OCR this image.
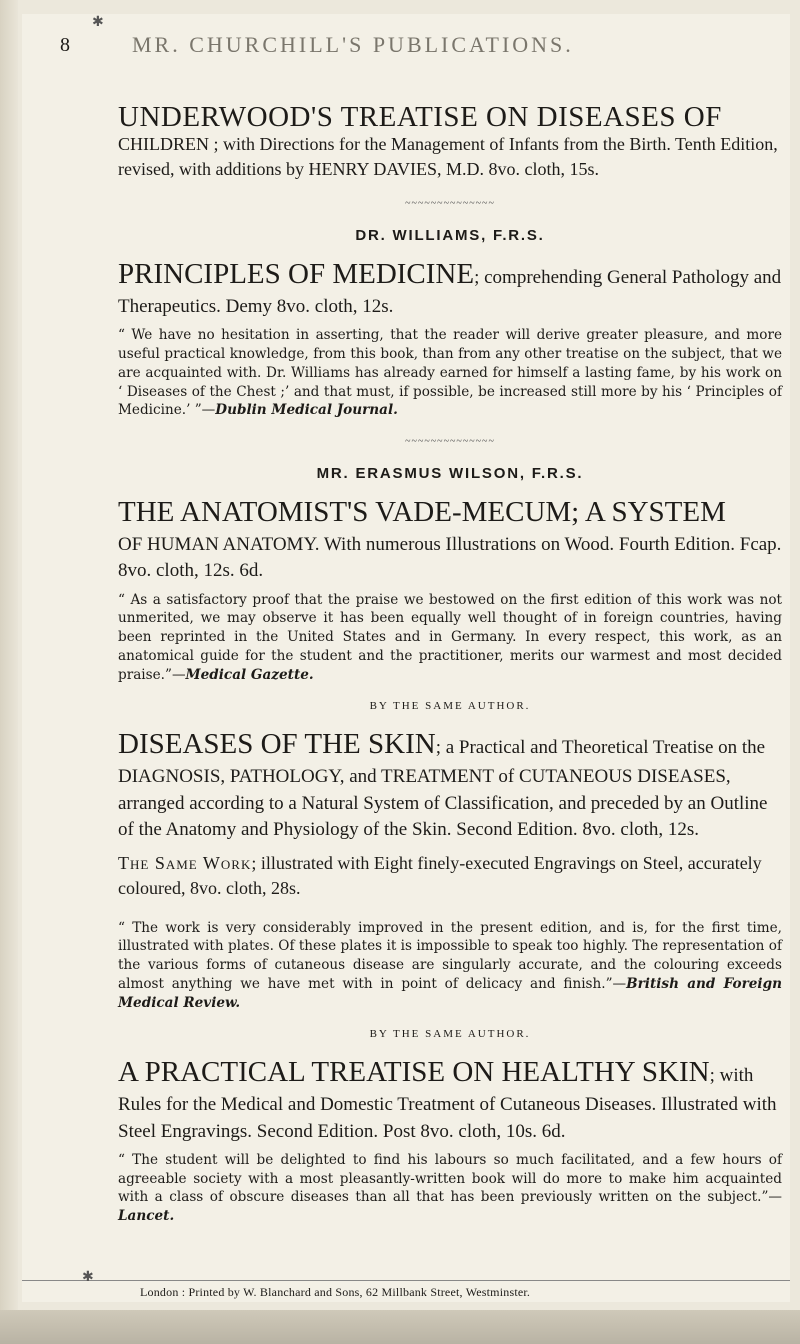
✱
8	MR. CHURCHILL'S PUBLICATIONS.
UNDERWOOD'S TREATISE ON DISEASES OF

CHILDREN ; with Directions for the Management of Infants from the Birth. Tenth Edition, revised, with additions by HENRY DAVIES, M.D. 8vo. cloth, 15s.

~~~~~~~~~~~~~~
DR. WILLIAMS, F.R.S.

PRINCIPLES OF MEDICINE; comprehending General Pathology and Therapeutics. Demy 8vo. cloth, 12s.

“ We have no hesitation in asserting, that the reader will derive greater pleasure, and more useful practical knowledge, from this book, than from any other treatise on the subject, that we are acquainted with. Dr. Williams has already earned for himself a lasting fame, by his work on ‘ Diseases of the Chest ;’ and that must, if possible, be increased still more by his ‘ Principles of Medicine.’ ”—Dublin Medical Journal.

~~~~~~~~~~~~~~
MR. ERASMUS WILSON, F.R.S.

THE ANATOMIST'S VADE-MECUM; A SYSTEM
OF HUMAN ANATOMY. With numerous Illustrations on Wood. Fourth Edition. Fcap. 8vo. cloth, 12s. 6d.

“ As a satisfactory proof that the praise we bestowed on the first edition of this work was not unmerited, we may observe it has been equally well thought of in foreign countries, having been reprinted in the United States and in Germany. In every respect, this work, as an anatomical guide for the student and the practitioner, merits our warmest and most decided praise.”—Medical Gazette.

BY THE SAME AUTHOR.

DISEASES OF THE SKIN; a Practical and Theoretical Treatise on the DIAGNOSIS, PATHOLOGY, and TREATMENT of CUTANEOUS DISEASES, arranged according to a Natural System of Classification, and preceded by an Outline of the Anatomy and Physiology of the Skin. Second Edition. 8vo. cloth, 12s.

The Same Work; illustrated with Eight finely-executed Engravings on Steel, accurately coloured, 8vo. cloth, 28s.

“ The work is very considerably improved in the present edition, and is, for the first time, illustrated with plates. Of these plates it is impossible to speak too highly. The representation of the various forms of cutaneous disease are singularly accurate, and the colouring exceeds almost anything we have met with in point of delicacy and finish.”—British and Foreign Medical Review.

BY THE SAME AUTHOR.

A PRACTICAL TREATISE ON HEALTHY SKIN; with Rules for the Medical and Domestic Treatment of Cutaneous Diseases. Illustrated with Steel Engravings. Second Edition. Post 8vo. cloth, 10s. 6d.

“ The student will be delighted to find his labours so much facilitated, and a few hours of agreeable society with a most pleasantly-written book will do more to make him acquainted with a class of obscure diseases than all that has been previously written on the subject.”—Lancet.

✱
London : Printed by W. Blanchard and Sons, 62 Millbank Street, Westminster.
